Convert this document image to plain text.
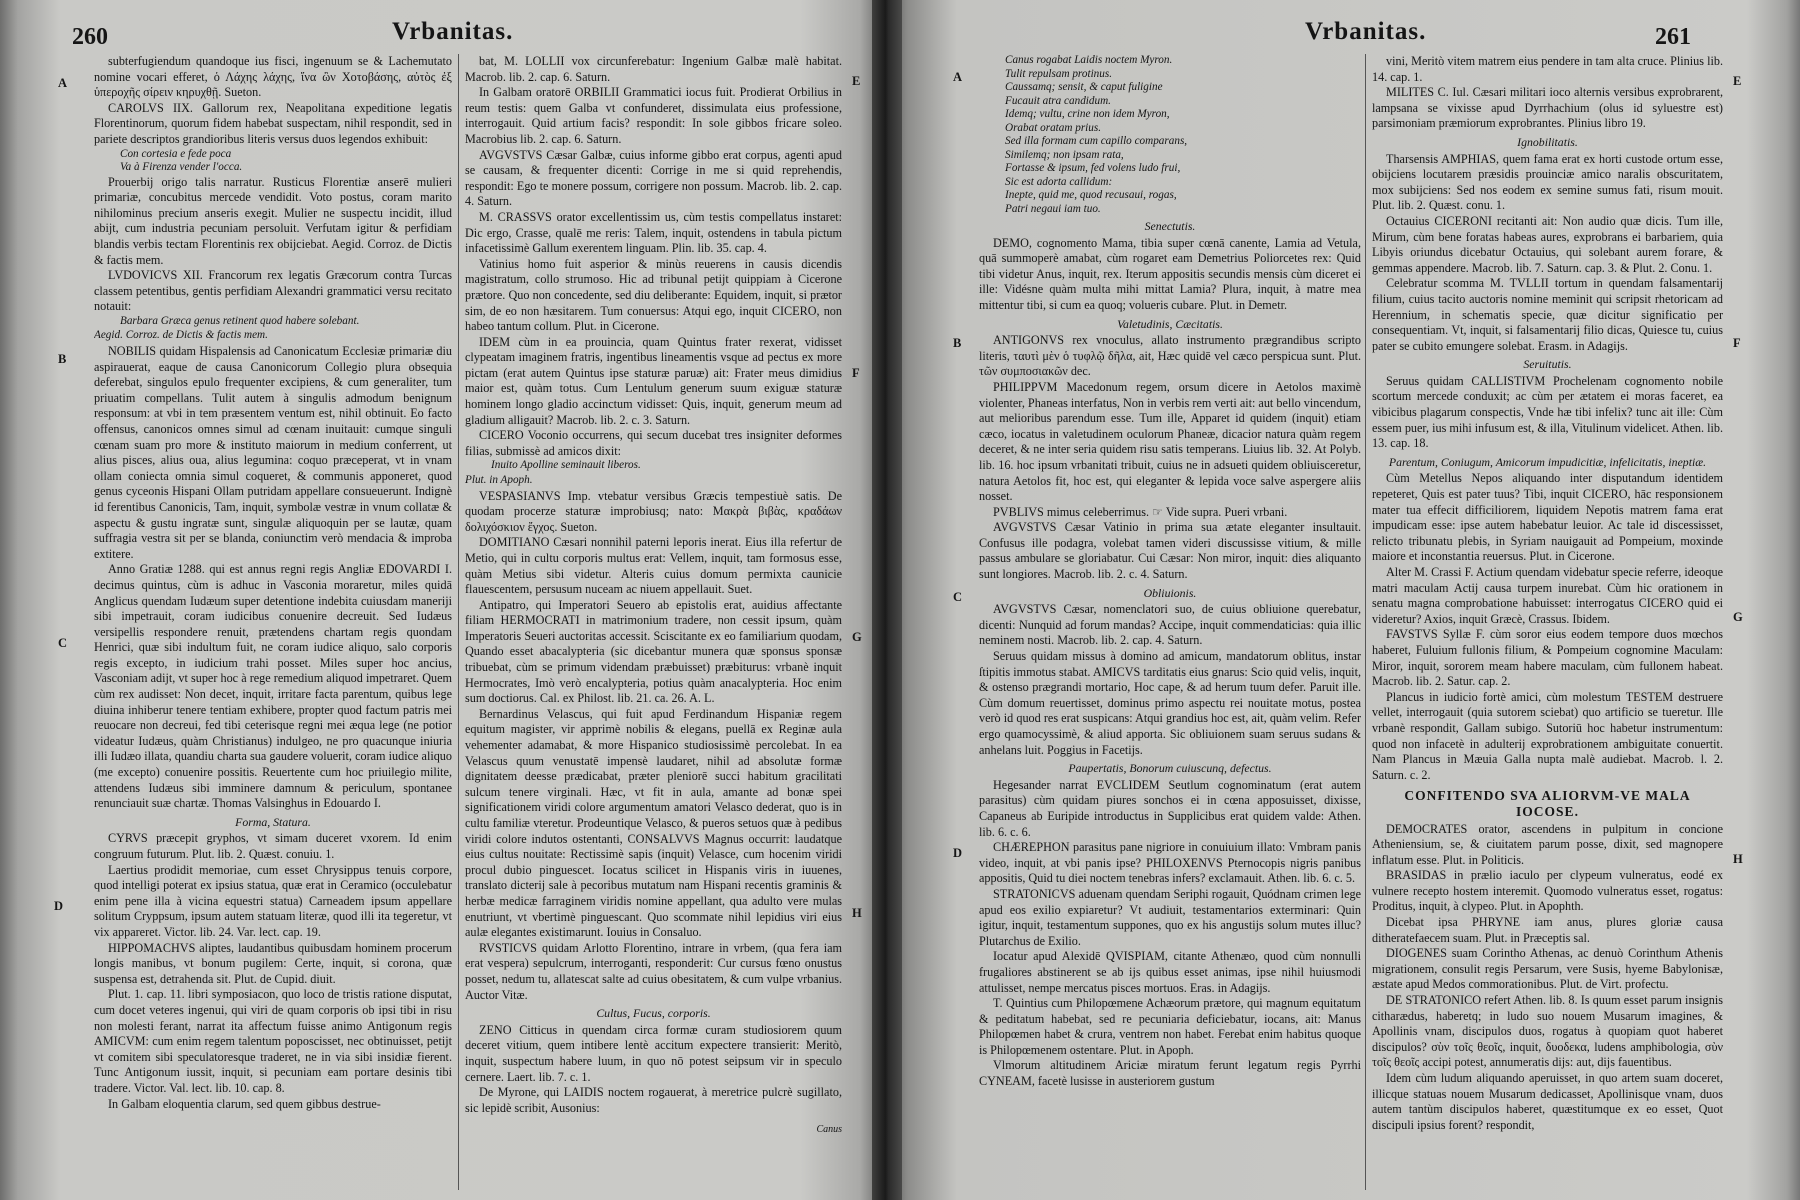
260	Vrbanitas.
A
B
C
D
E
F
G
H

subterfugiendum quandoque ius fisci, ingenuum se & Lachemutato nomine vocari efferet, ὁ Λάχης λάχης, ἵνα ὢν Χοτοβάσης, αὐτὸς ἐξ ὑπεροχῆς σίρειν κηρυχθῇ. Sueton.

CAROLVS IIX. Gallorum rex, Neapolitana expeditione legatis Florentinorum, quorum fidem habebat suspectam, nihil respondit, sed in pariete descriptos grandioribus literis versus duos legendos exhibuit:

Con cortesia e fede poca

Va à Firenza vender l'occa.

Prouerbij origo talis narratur. Rusticus Florentiæ anserē mulieri primariæ, concubitus mercede vendidit. Voto postus, coram marito nihilominus precium anseris exegit. Mulier ne suspectu incidit, illud abijt, cum industria pecuniam persoluit. Verfutam igitur & perfidiam blandis verbis tectam Florentinis rex obijciebat. Aegid. Corroz. de Dictis & factis mem.

LVDOVICVS XII. Francorum rex legatis Græcorum contra Turcas classem petentibus, gentis perfidiam Alexandri grammatici versu recitato notauit:

Barbara Græca genus retinent quod habere solebant.

Aegid. Corroz. de Dictis & factis mem.

NOBILIS quidam Hispalensis ad Canonicatum Ecclesiæ primariæ diu aspirauerat, eaque de causa Canonicorum Collegio plura obsequia deferebat, singulos epulo frequenter excipiens, & cum generaliter, tum priuatim compellans. Tulit autem à singulis admodum benignum responsum: at vbi in tem præsentem ventum est, nihil obtinuit. Eo facto offensus, canonicos omnes simul ad cœnam inuitauit: cumque singuli cœnam suam pro more & instituto maiorum in medium conferrent, ut alius pisces, alius oua, alius legumina: coquo præceperat, vt in vnam ollam coniecta omnia simul coqueret, & communis apponeret, quod genus cyceonis Hispani Ollam putridam appellare consueuerunt. Indignè id ferentibus Canonicis, Tam, inquit, symbolæ vestræ in vnum collatæ & aspectu & gustu ingratæ sunt, singulæ aliquoquin per se lautæ, quam suffragia vestra sit per se blanda, coniunctim verò mendacia & improba extitere.

Anno Gratiæ 1288. qui est annus regni regis Angliæ EDOVARDI I. decimus quintus, cùm is adhuc in Vasconia moraretur, miles quidā Anglicus quendam Iudæum super detentione indebita cuiusdam maneriji sibi impetrauit, coram iudicibus conuenire decreuit. Sed Iudæus versipellis respondere renuit, prætendens chartam regis quondam Henrici, quæ sibi indultum fuit, ne coram iudice aliquo, salo corporis regis excepto, in iudicium trahi posset. Miles super hoc ancius, Vasconiam adijt, vt super hoc à rege remedium aliquod impetraret. Quem cùm rex audisset: Non decet, inquit, irritare facta parentum, quibus lege diuina inhiberur tenere tentiam exhibere, propter quod factum patris mei reuocare non decreui, fed tibi ceterisque regni mei æqua lege (ne potior videatur Iudæus, quàm Christianus) indulgeo, ne pro quacunque iniuria illi Iudæo illata, quandiu charta sua gaudere voluerit, coram iudice aliquo (me excepto) conuenire possitis. Reuertente cum hoc priuilegio milite, attendens Iudæus sibi imminere damnum & periculum, spontanee renunciauit suæ chartæ. Thomas Valsinghus in Edouardo I.

Forma, Statura.

CYRVS præcepit gryphos, vt simam duceret vxorem. Id enim congruum futurum. Plut. lib. 2. Quæst. conuiu. 1.

Laertius prodidit memoriae, cum esset Chrysippus tenuis corpore, quod intelligi poterat ex ipsius statua, quæ erat in Ceramico (occulebatur enim pene illa à vicina equestri statua) Carneadem ipsum appellare solitum Cryppsum, ipsum autem statuam literæ, quod illi ita tegeretur, vt vix appareret. Victor. lib. 24. Var. lect. cap. 19.

HIPPOMACHVS aliptes, laudantibus quibusdam hominem procerum longis manibus, vt bonum pugilem: Certe, inquit, si corona, quæ suspensa est, detrahenda sit. Plut. de Cupid. diuit.

Plut. 1. cap. 11. libri symposiacon, quo loco de tristis ratione disputat, cum docet veteres ingenui, qui viri de quam corporis ob ipsi tibi in risu non molesti ferant, narrat ita affectum fuisse animo Antigonum regis AMICVM: cum enim regem talentum poposcisset, nec obtinuisset, petijt vt comitem sibi speculatoresque traderet, ne in via sibi insidiæ fierent. Tunc Antigonum iussit, inquit, si pecuniam eam portare desinis tibi tradere. Victor. Val. lect. lib. 10. cap. 8.

In Galbam eloquentia clarum, sed quem gibbus destrue-

bat, M. LOLLII vox circunferebatur: Ingenium Galbæ malè habitat. Macrob. lib. 2. cap. 6. Saturn.

In Galbam oratorē ORBILII Grammatici iocus fuit. Prodierat Orbilius in reum testis: quem Galba vt confunderet, dissimulata eius professione, interrogauit. Quid artium facis? respondit: In sole gibbos fricare soleo. Macrobius lib. 2. cap. 6. Saturn.

AVGVSTVS Cæsar Galbæ, cuius informe gibbo erat corpus, agenti apud se causam, & frequenter dicenti: Corrige in me si quid reprehendis, respondit: Ego te monere possum, corrigere non possum. Macrob. lib. 2. cap. 4. Saturn.

M. CRASSVS orator excellentissim us, cùm testis compellatus instaret: Dic ergo, Crasse, qualē me reris: Talem, inquit, ostendens in tabula pictum infacetissimè Gallum exerentem linguam. Plin. lib. 35. cap. 4.

Vatinius homo fuit asperior & minùs reuerens in causis dicendis magistratum, collo strumoso. Hic ad tribunal petijt quippiam à Cicerone prætore. Quo non concedente, sed diu deliberante: Equidem, inquit, si prætor sim, de eo non hæsitarem. Tum conuersus: Atqui ego, inquit CICERO, non habeo tantum collum. Plut. in Cicerone.

IDEM cùm in ea prouincia, quam Quintus frater rexerat, vidisset clypeatam imaginem fratris, ingentibus lineamentis vsque ad pectus ex more pictam (erat autem Quintus ipse staturæ paruæ) ait: Frater meus dimidius maior est, quàm totus. Cum Lentulum generum suum exiguæ staturæ hominem longo gladio accinctum vidisset: Quis, inquit, generum meum ad gladium alligauit? Macrob. lib. 2. c. 3. Saturn.

CICERO Voconio occurrens, qui secum ducebat tres insigniter deformes filias, submissè ad amicos dixit:

Inuito Apolline seminauit liberos.

Plut. in Apoph.

VESPASIANVS Imp. vtebatur versibus Græcis tempestiuè satis. De quodam procerze staturæ improbiusq; nato: Μακρὰ βιβὰς, κραδάων δολιχόσκιον ἔγχος. Sueton.

DOMITIANO Cæsari nonnihil paterni leporis inerat. Eius illa refertur de Metio, qui in cultu corporis multus erat: Vellem, inquit, tam formosus esse, quàm Metius sibi videtur. Alteris cuius domum permixta caunicie flauescentem, persusum nuceam ac niuem appellauit. Suet.

Antipatro, qui Imperatori Seuero ab epistolis erat, auidius affectante filiam HERMOCRATI in matrimonium tradere, non cessit ipsum, quàm Imperatoris Seueri auctoritas accessit. Sciscitante ex eo familiarium quodam, Quando esset abacalypteria (sic dicebantur munera quæ sponsus sponsæ tribuebat, cùm se primum videndam præbuisset) præbiturus: vrbanè inquit Hermocrates, Imò verò encalypteria, potius quàm anacalypteria. Hoc enim sum doctiorus. Cal. ex Philost. lib. 21. ca. 26. A. L.

Bernardinus Velascus, qui fuit apud Ferdinandum Hispaniæ regem equitum magister, vir apprimè nobilis & elegans, puellā ex Reginæ aula vehementer adamabat, & more Hispanico studiosissimè percolebat. In ea Velascus quum venustatē impensè laudaret, nihil ad absolutæ formæ dignitatem deesse prædicabat, præter pleniorē succi habitum gracilitati sulcum tenere virginali. Hæc, vt fit in aula, amante ad bonæ spei significationem viridi colore argumentum amatori Velasco dederat, quo is in cultu familiæ vteretur. Prodeuntique Velasco, & pueros setuos quæ à pedibus viridi colore indutos ostentanti, CONSALVVS Magnus occurrit: laudatque eius cultus nouitate: Rectissimè sapis (inquit) Velasce, cum hocenim viridi procul dubio pinguescet. Iocatus scilicet in Hispanis viris in iuuenes, translato dicterij sale à pecoribus mutatum nam Hispani recentis graminis & herbæ medicæ farraginem viridis nomine appellant, qua adulto vere mulas enutriunt, vt vbertimè pinguescant. Quo scommate nihil lepidius viri eius aulæ elegantes existimarunt. Iouius in Consaluo.

RVSTICVS quidam Arlotto Florentino, intrare in vrbem, (qua fera iam erat vespera) sepulcrum, interroganti, responderit: Cur cursus fœno onustus posset, nedum tu, allatescat salte ad cuius obesitatem, & cum vulpe vrbanius. Auctor Vitæ.

Cultus, Fucus, corporis.

ZENO Citticus in quendam circa formæ curam studiosiorem quum deceret vitium, quem intibere lentè accitum expectere transierit: Meritò, inquit, suspectum habere luum, in quo nō potest seipsum vir in speculo cernere. Laert. lib. 7. c. 1.

De Myrone, qui LAIDIS noctem rogauerat, à meretrice pulcrè sugillato, sic lepidè scribit, Ausonius:

Canus

Vrbanitas.	261
A
B
C
D
E
F
G
H

Canus rogabat Laidis noctem Myron.

Tulit repulsam protinus.

Caussamq; sensit, & caput fuligine

Fucauit atra candidum.

Idemq; vultu, crine non idem Myron,

Orabat oratam prius.

Sed illa formam cum capillo comparans,

Similemq; non ipsam rata,

Fortasse & ipsum, fed volens ludo frui,

Sic est adorta callidum:

Inepte, quid me, quod recusaui, rogas,

Patri negaui iam tuo.

Senectutis.

DEMO, cognomento Mama, tibia super cœnā canente, Lamia ad Vetula, quā summoperè amabat, cùm rogaret eam Demetrius Poliorcetes rex: Quid tibi videtur Anus, inquit, rex. Iterum appositis secundis mensis cùm diceret ei ille: Vidésne quàm multa mihi mittat Lamia? Plura, inquit, à matre mea mittentur tibi, si cum ea quoq; volueris cubare. Plut. in Demetr.

Valetudinis, Cæcitatis.

ANTIGONVS rex vnoculus, allato instrumento prægrandibus scripto literis, ταυτὶ μὲν ὁ τυφλῷ δῆλα, ait, Hæc quidē vel cæco perspicua sunt. Plut. τῶν συμποσιακῶν dec.

PHILIPPVM Macedonum regem, orsum dicere in Aetolos maximè violenter, Phaneas interfatus, Non in verbis rem verti ait: aut bello vincendum, aut melioribus parendum esse. Tum ille, Apparet id quidem (inquit) etiam cæco, iocatus in valetudinem oculorum Phaneæ, dicacior natura quàm regem deceret, & ne inter seria quidem risu satis temperans. Liuius lib. 32. At Polyb. lib. 16. hoc ipsum vrbanitati tribuit, cuius ne in adsueti quidem obliuisceretur, natura Aetolos fit, hoc est, qui eleganter & lepida voce salve aspergere aliis nosset.

PVBLIVS mimus celeberrimus. ☞ Vide supra. Pueri vrbani.

AVGVSTVS Cæsar Vatinio in prima sua ætate eleganter insultauit. Confusus ille podagra, volebat tamen videri discussisse vitium, & mille passus ambulare se gloriabatur. Cui Cæsar: Non miror, inquit: dies aliquanto sunt longiores. Macrob. lib. 2. c. 4. Saturn.

Obliuionis.

AVGVSTVS Cæsar, nomenclatori suo, de cuius obliuione querebatur, dicenti: Nunquid ad forum mandas? Accipe, inquit commendaticias: quia illic neminem nosti. Macrob. lib. 2. cap. 4. Saturn.

Seruus quidam missus à domino ad amicum, mandatorum oblitus, instar ſtipitis immotus stabat. AMICVS tarditatis eius gnarus: Scio quid velis, inquit, & ostenso prægrandi mortario, Hoc cape, & ad herum tuum defer. Paruit ille. Cùm domum reuertisset, dominus primo aspectu rei nouitate motus, postea verò id quod res erat suspicans: Atqui grandius hoc est, ait, quàm velim. Refer ergo quamocyssimè, & aliud apporta. Sic obliuionem suam seruus sudans & anhelans luit. Poggius in Facetijs.

Paupertatis, Bonorum cuiuscunq, defectus.

Hegesander narrat EVCLIDEM Seutlum cognominatum (erat autem parasitus) cùm quidam piures sonchos ei in cœna apposuisset, dixisse, Capaneus ab Euripide introductus in Supplicibus erat quidem valde: Athen. lib. 6. c. 6.

CHÆREPHON parasitus pane nigriore in conuiuium illato: Vmbram panis video, inquit, at vbi panis ipse? PHILOXENVS Pternocopis nigris panibus appositis, Quid tu diei noctem tenebras infers? exclamauit. Athen. lib. 6. c. 5.

STRATONICVS aduenam quendam Seriphi rogauit, Quódnam crimen lege apud eos exilio expiaretur? Vt audiuit, testamentarios exterminari: Quin igitur, inquit, testamentum suppones, quo ex his angustijs solum mutes illuc? Plutarchus de Exilio.

Iocatur apud Alexidē QVISPIAM, citante Athenæo, quod cùm nonnulli frugaliores abstinerent se ab ijs quibus esset animas, ipse nihil huiusmodi attulisset, nempe mercatus pisces mortuos. Eras. in Adagijs.

T. Quintius cum Philopœmene Achæorum prætore, qui magnum equitatum & peditatum habebat, sed re pecuniaria deficiebatur, iocans, ait: Manus Philopœmen habet & crura, ventrem non habet. Ferebat enim habitus quoque is Philopœmenem ostentare. Plut. in Apoph.

Vlmorum altitudinem Ariciæ miratum ferunt legatum regis Pyrrhi CYNEAM, facetè lusisse in austeriorem gustum

vini, Meritò vitem matrem eius pendere in tam alta cruce. Plinius lib. 14. cap. 1.

MILITES C. Iul. Cæsari militari ioco alternis versibus exprobrarent, lampsana se vixisse apud Dyrrhachium (olus id syluestre est) parsimoniam præmiorum exprobrantes. Plinius libro 19.

Ignobilitatis.

Tharsensis AMPHIAS, quem fama erat ex horti custode ortum esse, obijciens locutarem præsidis prouinciæ amico naralis obscuritatem, mox subijciens: Sed nos eodem ex semine sumus fati, risum mouit. Plut. lib. 2. Quæst. conu. 1.

Octauius CICERONI recitanti ait: Non audio quæ dicis. Tum ille, Mirum, cùm bene foratas habeas aures, exprobrans ei barbariem, quia Libyis oriundus dicebatur Octauius, qui solebant aurem forare, & gemmas appendere. Macrob. lib. 7. Saturn. cap. 3. & Plut. 2. Conu. 1.

Celebratur scomma M. TVLLII tortum in quendam falsamentarij filium, cuius tacito auctoris nomine meminit qui scripsit rhetoricam ad Herennium, in schematis specie, quæ dicitur significatio per consequentiam. Vt, inquit, si falsamentarij filio dicas, Quiesce tu, cuius pater se cubito emungere solebat. Erasm. in Adagijs.

Seruitutis.

Seruus quidam CALLISTIVM Prochelenam cognomento nobile scortum mercede conduxit; ac cùm per ætatem ei moras faceret, ea vibicibus plagarum conspectis, Vnde hæ tibi infelix? tunc ait ille: Cùm essem puer, ius mihi infusum est, & illa, Vitulinum videlicet. Athen. lib. 13. cap. 18.

Parentum, Coniugum, Amicorum impudicitiæ, infelicitatis, ineptiæ.

Cùm Metellus Nepos aliquando inter disputandum identidem repeteret, Quis est pater tuus? Tibi, inquit CICERO, hāc responsionem mater tua effecit difficiliorem, liquidem Nepotis matrem fama erat impudicam esse: ipse autem habebatur leuior. Ac tale id discessisset, relicto tribunatu plebis, in Syriam nauigauit ad Pompeium, moxinde maiore et inconstantia reuersus. Plut. in Cicerone.

Alter M. Crassi F. Actium quendam videbatur specie referre, ideoque matri maculam Actij causa turpem inurebat. Cùm hic orationem in senatu magna comprobatione habuisset: interrogatus CICERO quid ei videretur? Axios, inquit Græcè, Crassus. Ibidem.

FAVSTVS Syllæ F. cùm soror eius eodem tempore duos mœchos haberet, Fuluium fullonis filium, & Pompeium cognomine Maculam: Miror, inquit, sororem meam habere maculam, cùm fullonem habeat. Macrob. lib. 2. Satur. cap. 2.

Plancus in iudicio fortè amici, cùm molestum TESTEM destruere vellet, interrogauit (quia sutorem sciebat) quo artificio se tueretur. Ille vrbanè respondit, Gallam subigo. Sutoriū hoc habetur instrumentum: quod non infacetè in adulterij exprobrationem ambiguitate conuertit. Nam Plancus in Mæuia Galla nupta malè audiebat. Macrob. l. 2. Saturn. c. 2.

CONFITENDO SVA ALIORVM-VE MALA IOCOSE.

DEMOCRATES orator, ascendens in pulpitum in concione Atheniensium, se, & ciuitatem parum posse, dixit, sed magnopere inflatum esse. Plut. in Politicis.

BRASIDAS in prælio iaculo per clypeum vulneratus, eodé ex vulnere recepto hostem interemit. Quomodo vulneratus esset, rogatus: Proditus, inquit, à clypeo. Plut. in Apophth.

Dicebat ipsa PHRYNE iam anus, plures gloriæ causa ditheratefaecem suam. Plut. in Præceptis sal.

DIOGENES suam Corintho Athenas, ac denuò Corinthum Athenis migrationem, consulit regis Persarum, vere Susis, hyeme Babylonisæ, æstate apud Medos commorationibus. Plut. de Virt. profectu.

DE STRATONICO refert Athen. lib. 8. Is quum esset parum insignis citharædus, haberetq; in ludo suo nouem Musarum imagines, & Apollinis vnam, discipulos duos, rogatus à quopiam quot haberet discipulos? σὺν τοῖς θεοῖς, inquit, δυοδεκα, ludens amphibologia, σὺν τοῖς θεοῖς accipi potest, annumeratis dijs: aut, dijs fauentibus.

Idem cùm ludum aliquando aperuisset, in quo artem suam doceret, illicque statuas nouem Musarum dedicasset, Apollinisque vnam, duos autem tantùm discipulos haberet, quæstitumque ex eo esset, Quot discipuli ipsius forent? respondit,
